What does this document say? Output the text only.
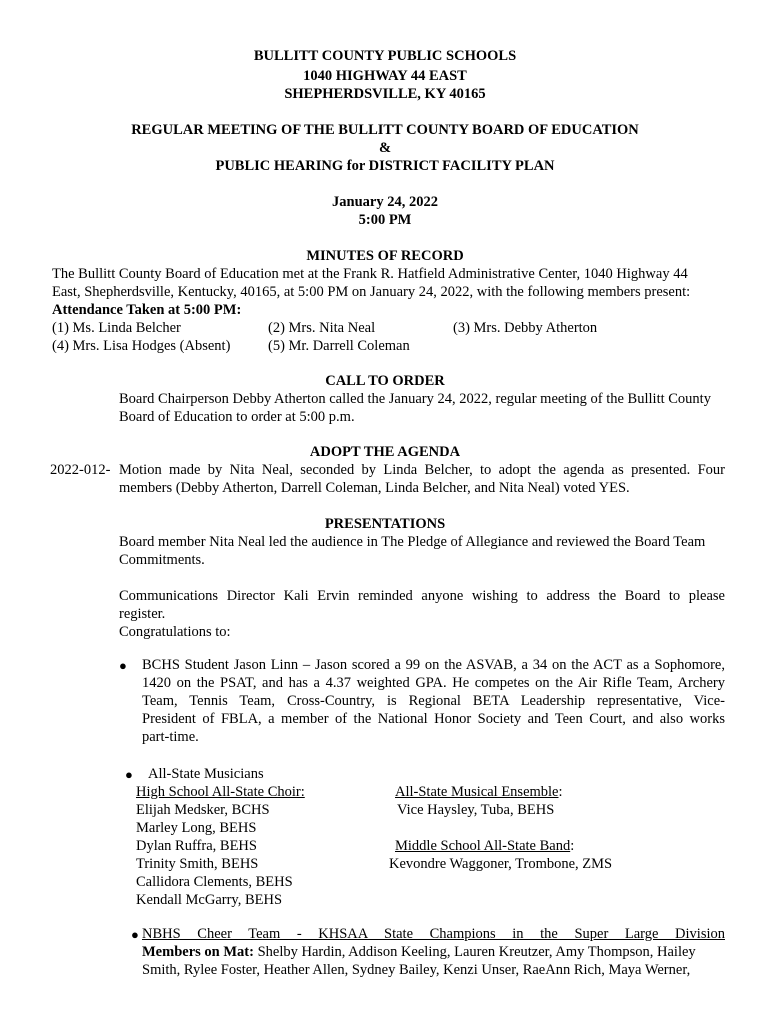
BULLITT COUNTY PUBLIC SCHOOLS
1040 HIGHWAY 44 EAST
SHEPHERDSVILLE, KY 40165
REGULAR MEETING OF THE BULLITT COUNTY BOARD OF EDUCATION
&
PUBLIC HEARING for DISTRICT FACILITY PLAN
January 24, 2022
5:00 PM
MINUTES OF RECORD
The Bullitt County Board of Education met at the Frank R. Hatfield Administrative Center, 1040 Highway 44
East, Shepherdsville, Kentucky, 40165, at 5:00 PM on January 24, 2022, with the following members present:
Attendance Taken at 5:00 PM:
(1) Ms. Linda Belcher	(2) Mrs. Nita Neal	(3) Mrs. Debby Atherton
(4) Mrs. Lisa Hodges (Absent)	(5) Mr. Darrell Coleman
CALL TO ORDER
Board Chairperson Debby Atherton called the January 24, 2022, regular meeting of the Bullitt County
Board of Education to order at 5:00 p.m.
ADOPT THE AGENDA
2022-012- Motion made by Nita Neal, seconded by Linda Belcher, to adopt the agenda as presented. Four
members (Debby Atherton, Darrell Coleman, Linda Belcher, and Nita Neal) voted YES.
PRESENTATIONS
Board member Nita Neal led the audience in The Pledge of Allegiance and reviewed the Board Team
Commitments.
Communications Director Kali Ervin reminded anyone wishing to address the Board to please
register.
Congratulations to:
● BCHS Student Jason Linn – Jason scored a 99 on the ASVAB, a 34 on the ACT as a Sophomore,
1420 on the PSAT, and has a 4.37 weighted GPA. He competes on the Air Rifle Team, Archery
Team, Tennis Team, Cross-Country, is Regional BETA Leadership representative, Vice-
President of FBLA, a member of the National Honor Society and Teen Court, and also works
part-time.
● All-State Musicians
High School All-State Choir:
Elijah Medsker, BCHS
Marley Long, BEHS
Dylan Ruffra, BEHS
Trinity Smith, BEHS
Callidora Clements, BEHS
Kendall McGarry, BEHS
All-State Musical Ensemble:
Vice Haysley, Tuba, BEHS
Middle School All-State Band:
Kevondre Waggoner, Trombone, ZMS
● NBHS Cheer Team - KHSAA State Champions in the Super Large Division
Members on Mat: Shelby Hardin, Addison Keeling, Lauren Kreutzer, Amy Thompson, Hailey
Smith, Rylee Foster, Heather Allen, Sydney Bailey, Kenzi Unser, RaeAnn Rich, Maya Werner,
